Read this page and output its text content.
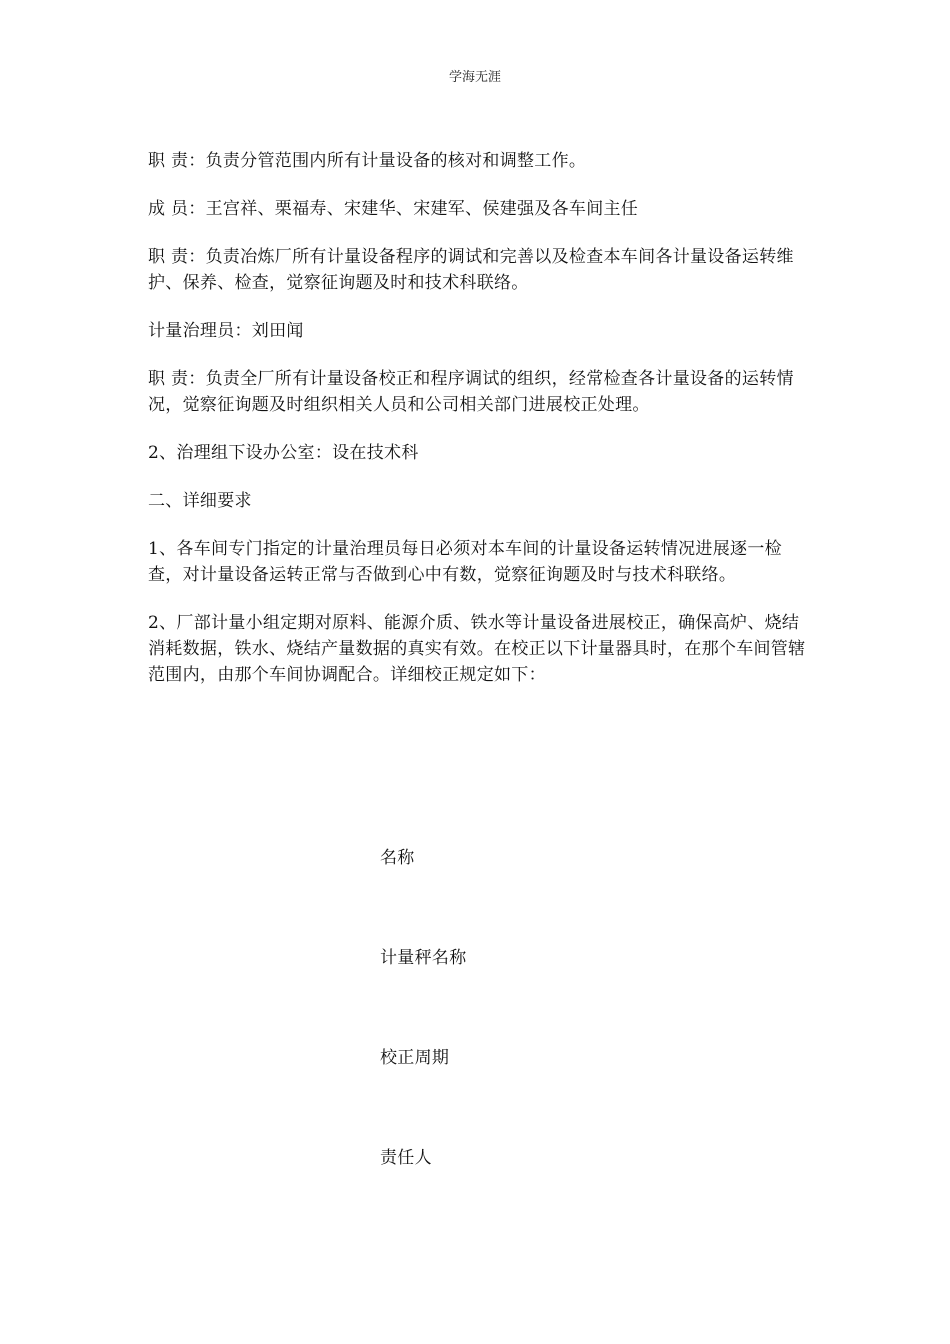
学海无涯

职 责：负责分管范围内所有计量设备的核对和调整工作。

成 员：王宫祥、栗福寿、宋建华、宋建军、侯建强及各车间主任

职 责：负责冶炼厂所有计量设备程序的调试和完善以及检查本车间各计量设备运转维护、保养、检查，觉察征询题及时和技术科联络。

计量治理员：刘田闻

职 责：负责全厂所有计量设备校正和程序调试的组织，经常检查各计量设备的运转情况，觉察征询题及时组织相关人员和公司相关部门进展校正处理。

2、治理组下设办公室：设在技术科

二、详细要求

1、各车间专门指定的计量治理员每日必须对本车间的计量设备运转情况进展逐一检查，对计量设备运转正常与否做到心中有数，觉察征询题及时与技术科联络。

2、厂部计量小组定期对原料、能源介质、铁水等计量设备进展校正，确保高炉、烧结消耗数据，铁水、烧结产量数据的真实有效。在校正以下计量器具时，在那个车间管辖范围内，由那个车间协调配合。详细校正规定如下：

名称
计量秤名称
校正周期
责任人
